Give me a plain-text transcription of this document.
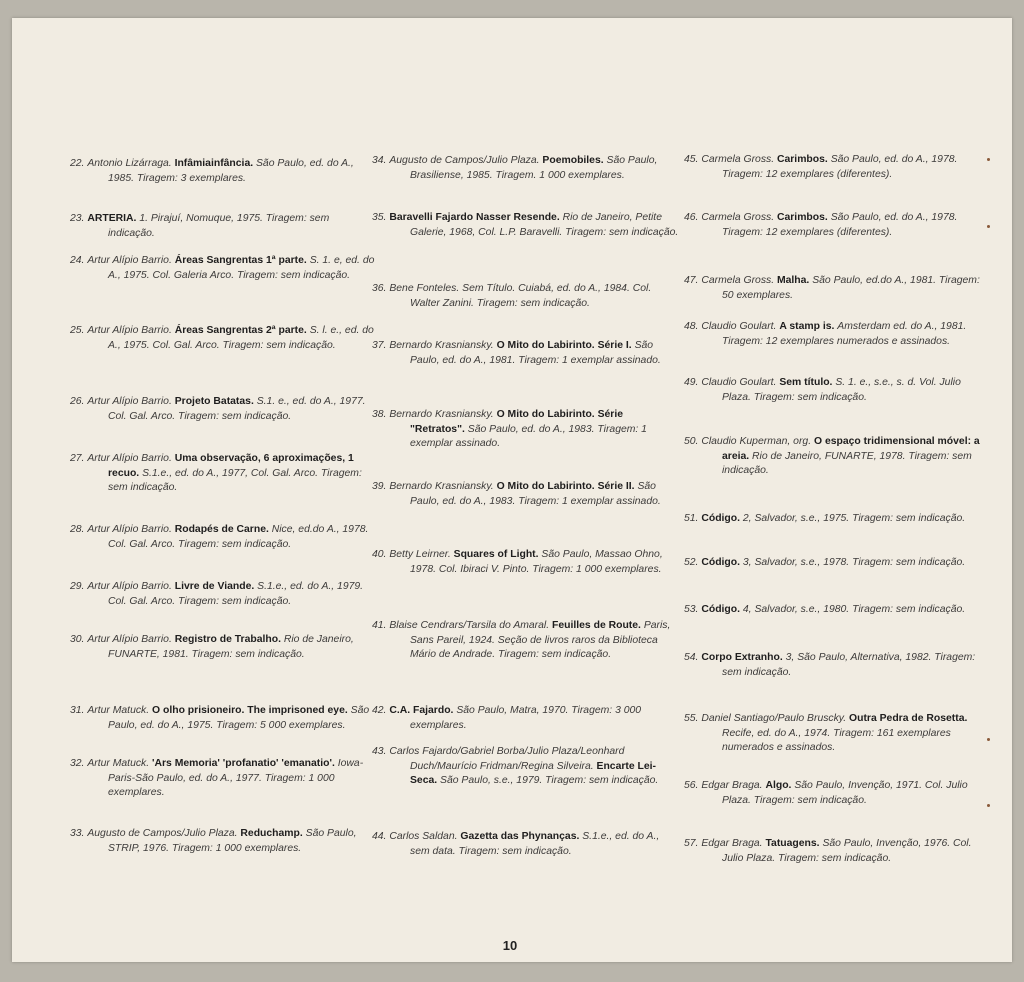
22. Antonio Lizárraga. Infâmiainfância. São Paulo, ed. do A., 1985. Tiragem: 3 exemplares.
23. ARTERIA. 1. Pirajuí, Nomuque, 1975. Tiragem: sem indicação.
24. Artur Alípio Barrio. Áreas Sangrentas 1ª parte. S. 1. e, ed. do A., 1975. Col. Galeria Arco. Tiragem: sem indicação.
25. Artur Alípio Barrio. Áreas Sangrentas 2ª parte. S. l. e., ed. do A., 1975. Col. Gal. Arco. Tiragem: sem indicação.
26. Artur Alípio Barrio. Projeto Batatas. S.1. e., ed. do A., 1977. Col. Gal. Arco. Tiragem: sem indicação.
27. Artur Alípio Barrio. Uma observação, 6 aproximações, 1 recuo. S.1.e., ed. do A., 1977, Col. Gal. Arco. Tiragem: sem indicação.
28. Artur Alípio Barrio. Rodapés de Carne. Nice, ed.do A., 1978. Col. Gal. Arco. Tiragem: sem indicação.
29. Artur Alípio Barrio. Livre de Viande. S.1.e., ed. do A., 1979. Col. Gal. Arco. Tiragem: sem indicação.
30. Artur Alípio Barrio. Registro de Trabalho. Rio de Janeiro, FUNARTE, 1981. Tiragem: sem indicação.
31. Artur Matuck. O olho prisioneiro. The imprisoned eye. São Paulo, ed. do A., 1975. Tiragem: 5 000 exemplares.
32. Artur Matuck. 'Ars Memoria' 'profanatio' 'emanatio'. Iowa-Paris-São Paulo, ed. do A., 1977. Tiragem: 1 000 exemplares.
33. Augusto de Campos/Julio Plaza. Reduchamp. São Paulo, STRIP, 1976. Tiragem: 1 000 exemplares.
34. Augusto de Campos/Julio Plaza. Poemobiles. São Paulo, Brasiliense, 1985. Tiragem. 1 000 exemplares.
35. Baravelli Fajardo Nasser Resende. Rio de Janeiro, Petite Galerie, 1968, Col. L.P. Baravelli. Tiragem: sem indicação.
36. Bene Fonteles. Sem Título. Cuiabá, ed. do A., 1984. Col. Walter Zanini. Tiragem: sem indicação.
37. Bernardo Krasniansky. O Mito do Labirinto. Série I. São Paulo, ed. do A., 1981. Tiragem: 1 exemplar assinado.
38. Bernardo Krasniansky. O Mito do Labirinto. Série "Retratos". São Paulo, ed. do A., 1983. Tiragem: 1 exemplar assinado.
39. Bernardo Krasniansky. O Mito do Labirinto. Série II. São Paulo, ed. do A., 1983. Tiragem: 1 exemplar assinado.
40. Betty Leirner. Squares of Light. São Paulo, Massao Ohno, 1978. Col. Ibiraci V. Pinto. Tiragem: 1 000 exemplares.
41. Blaise Cendrars/Tarsila do Amaral. Feuilles de Route. Paris, Sans Pareil, 1924. Seção de livros raros da Biblioteca Mário de Andrade. Tiragem: sem indicação.
42. C.A. Fajardo. São Paulo, Matra, 1970. Tiragem: 3 000 exemplares.
43. Carlos Fajardo/Gabriel Borba/Julio Plaza/Leonhard Duch/Maurício Fridman/Regina Silveira. Encarte Lei-Seca. São Paulo, s.e., 1979. Tiragem: sem indicação.
44. Carlos Saldan. Gazetta das Phynanças. S.1.e., ed. do A., sem data. Tiragem: sem indicação.
45. Carmela Gross. Carimbos. São Paulo, ed. do A., 1978. Tiragem: 12 exemplares (diferentes).
46. Carmela Gross. Carimbos. São Paulo, ed. do A., 1978. Tiragem: 12 exemplares (diferentes).
47. Carmela Gross. Malha. São Paulo, ed.do A., 1981. Tiragem: 50 exemplares.
48. Claudio Goulart. A stamp is. Amsterdam ed. do A., 1981. Tiragem: 12 exemplares numerados e assinados.
49. Claudio Goulart. Sem título. S. 1. e., s.e., s. d. Vol. Julio Plaza. Tiragem: sem indicação.
50. Claudio Kuperman, org. O espaço tridimensional móvel: a areia. Rio de Janeiro, FUNARTE, 1978. Tiragem: sem indicação.
51. Código. 2, Salvador, s.e., 1975. Tiragem: sem indicação.
52. Código. 3, Salvador, s.e., 1978. Tiragem: sem indicação.
53. Código. 4, Salvador, s.e., 1980. Tiragem: sem indicação.
54. Corpo Extranho. 3, São Paulo, Alternativa, 1982. Tiragem: sem indicação.
55. Daniel Santiago/Paulo Bruscky. Outra Pedra de Rosetta. Recife, ed. do A., 1974. Tiragem: 161 exemplares numerados e assinados.
56. Edgar Braga. Algo. São Paulo, Invenção, 1971. Col. Julio Plaza. Tiragem: sem indicação.
57. Edgar Braga. Tatuagens. São Paulo, Invenção, 1976. Col. Julio Plaza. Tiragem: sem indicação.
10
